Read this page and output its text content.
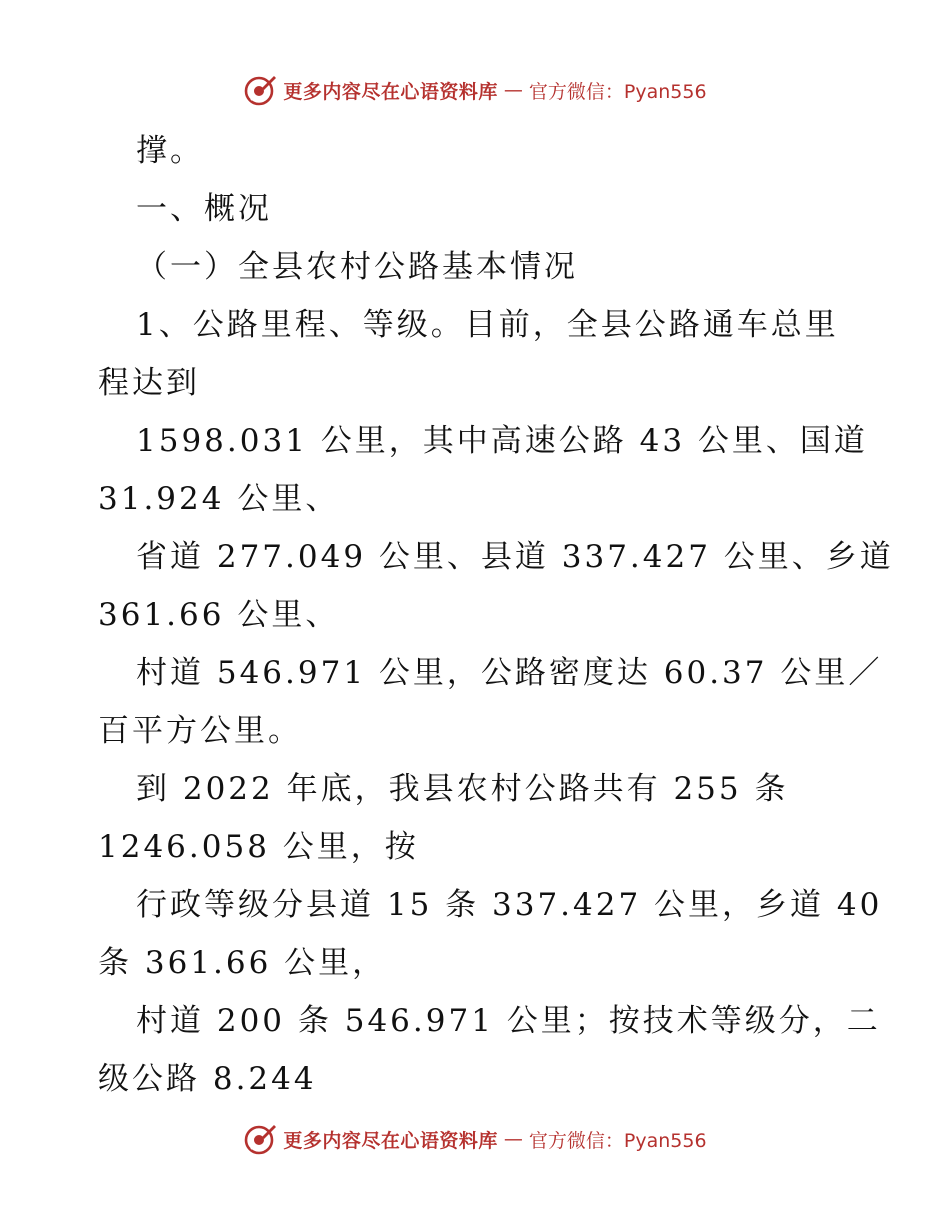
更多内容尽在心语资料库 — 官方微信：Pyan556
撑。
一、概况
（一）全县农村公路基本情况
1、公路里程、等级。目前，全县公路通车总里
程达到
1598.031 公里，其中高速公路 43 公里、国道
31.924 公里、
省道 277.049 公里、县道 337.427 公里、乡道
361.66 公里、
村道 546.971 公里，公路密度达 60.37 公里／
百平方公里。
到 2022 年底，我县农村公路共有 255 条
1246.058 公里，按
行政等级分县道 15 条 337.427 公里，乡道 40
条 361.66 公里，
村道 200 条 546.971 公里；按技术等级分，二
级公路 8.244
更多内容尽在心语资料库 — 官方微信：Pyan556
